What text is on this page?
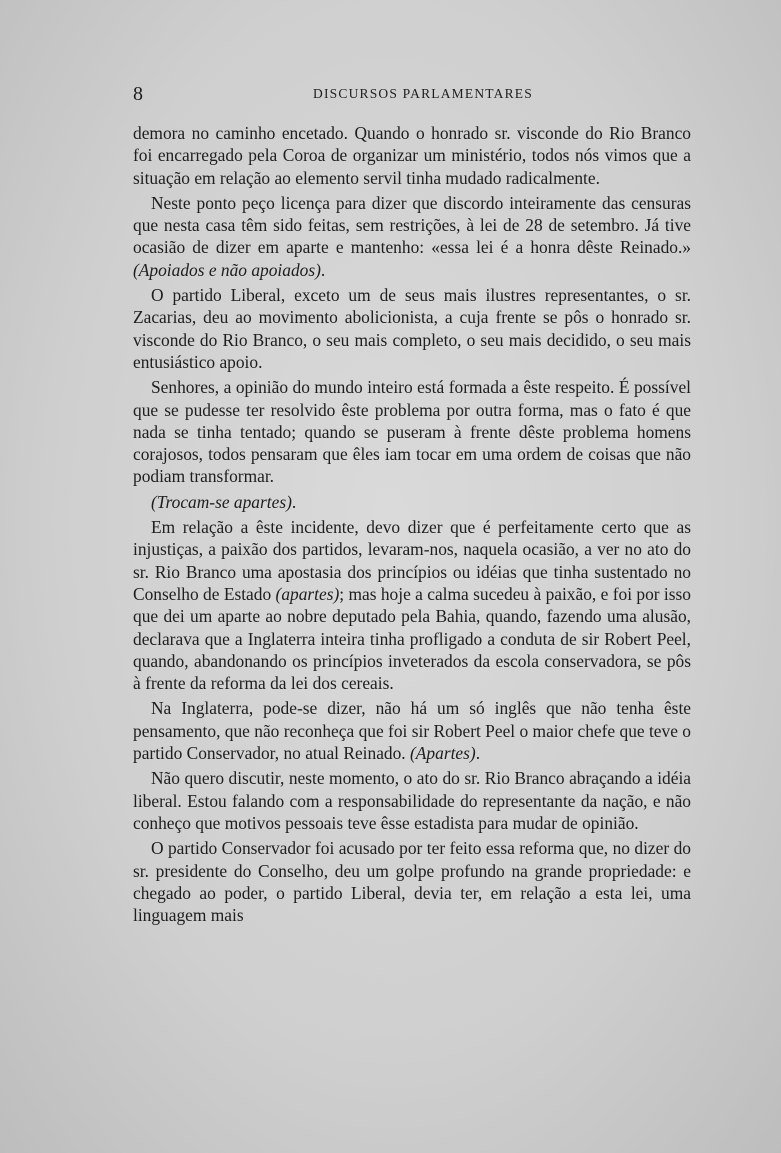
8	DISCURSOS PARLAMENTARES

demora no caminho encetado. Quando o honrado sr. visconde do Rio Branco foi encarregado pela Coroa de organizar um ministério, todos nós vimos que a situação em relação ao elemento servil tinha mudado radicalmente.

Neste ponto peço licença para dizer que discordo inteiramente das censuras que nesta casa têm sido feitas, sem restrições, à lei de 28 de setembro. Já tive ocasião de dizer em aparte e mantenho: «essa lei é a honra dêste Reinado.» (Apoiados e não apoiados).

O partido Liberal, exceto um de seus mais ilustres representantes, o sr. Zacarias, deu ao movimento abolicionista, a cuja frente se pôs o honrado sr. visconde do Rio Branco, o seu mais completo, o seu mais decidido, o seu mais entusiástico apoio.

Senhores, a opinião do mundo inteiro está formada a êste respeito. É possível que se pudesse ter resolvido êste problema por outra forma, mas o fato é que nada se tinha tentado; quando se puseram à frente dêste problema homens corajosos, todos pensaram que êles iam tocar em uma ordem de coisas que não podiam transformar.

(Trocam-se apartes).

Em relação a êste incidente, devo dizer que é perfeitamente certo que as injustiças, a paixão dos partidos, levaram-nos, naquela ocasião, a ver no ato do sr. Rio Branco uma apostasia dos princípios ou idéias que tinha sustentado no Conselho de Estado (apartes); mas hoje a calma sucedeu à paixão, e foi por isso que dei um aparte ao nobre deputado pela Bahia, quando, fazendo uma alusão, declarava que a Inglaterra inteira tinha profligado a conduta de sir Robert Peel, quando, abandonando os princípios inveterados da escola conservadora, se pôs à frente da reforma da lei dos cereais.

Na Inglaterra, pode-se dizer, não há um só inglês que não tenha êste pensamento, que não reconheça que foi sir Robert Peel o maior chefe que teve o partido Conservador, no atual Reinado. (Apartes).

Não quero discutir, neste momento, o ato do sr. Rio Branco abraçando a idéia liberal. Estou falando com a responsabilidade do representante da nação, e não conheço que motivos pessoais teve êsse estadista para mudar de opinião.

O partido Conservador foi acusado por ter feito essa reforma que, no dizer do sr. presidente do Conselho, deu um golpe profundo na grande propriedade: e chegado ao poder, o partido Liberal, devia ter, em relação a esta lei, uma linguagem mais
